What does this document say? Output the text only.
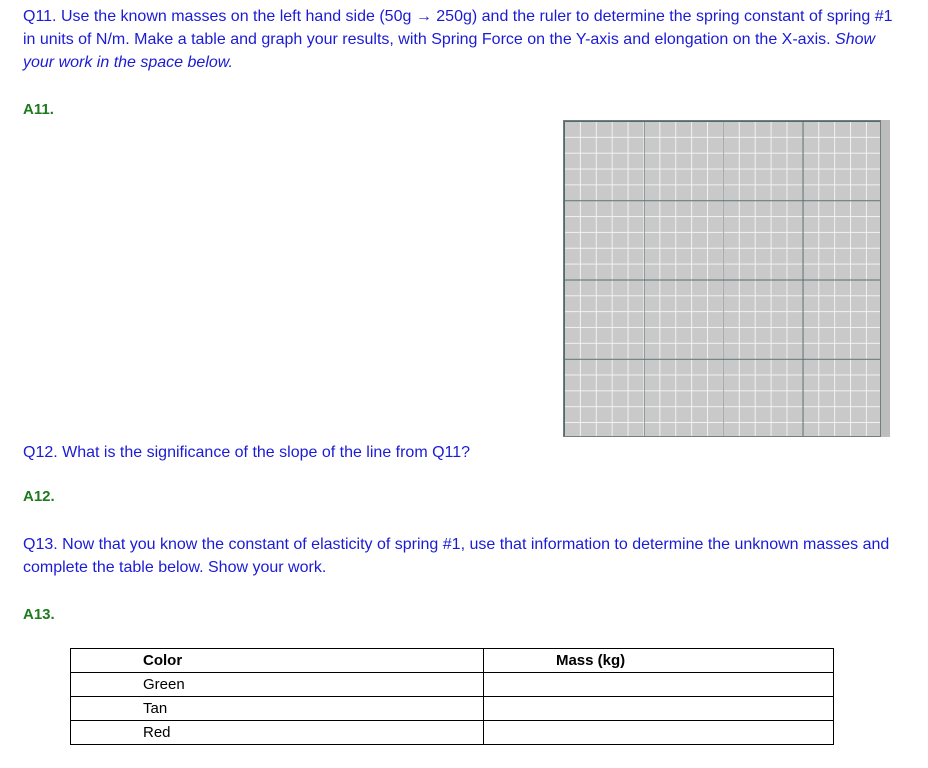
Q11. Use the known masses on the left hand side (50g → 250g) and the ruler to determine the spring constant of spring #1 in units of N/m. Make a table and graph your results, with Spring Force on the Y-axis and elongation on the X-axis. Show your work in the space below.

A11.

Q12. What is the significance of the slope of the line from Q11?

A12.

Q13. Now that you know the constant of elasticity of spring #1, use that information to determine the unknown masses and complete the table below. Show your work.

A13.

Color	Mass (kg)
Green	
Tan	
Red	
